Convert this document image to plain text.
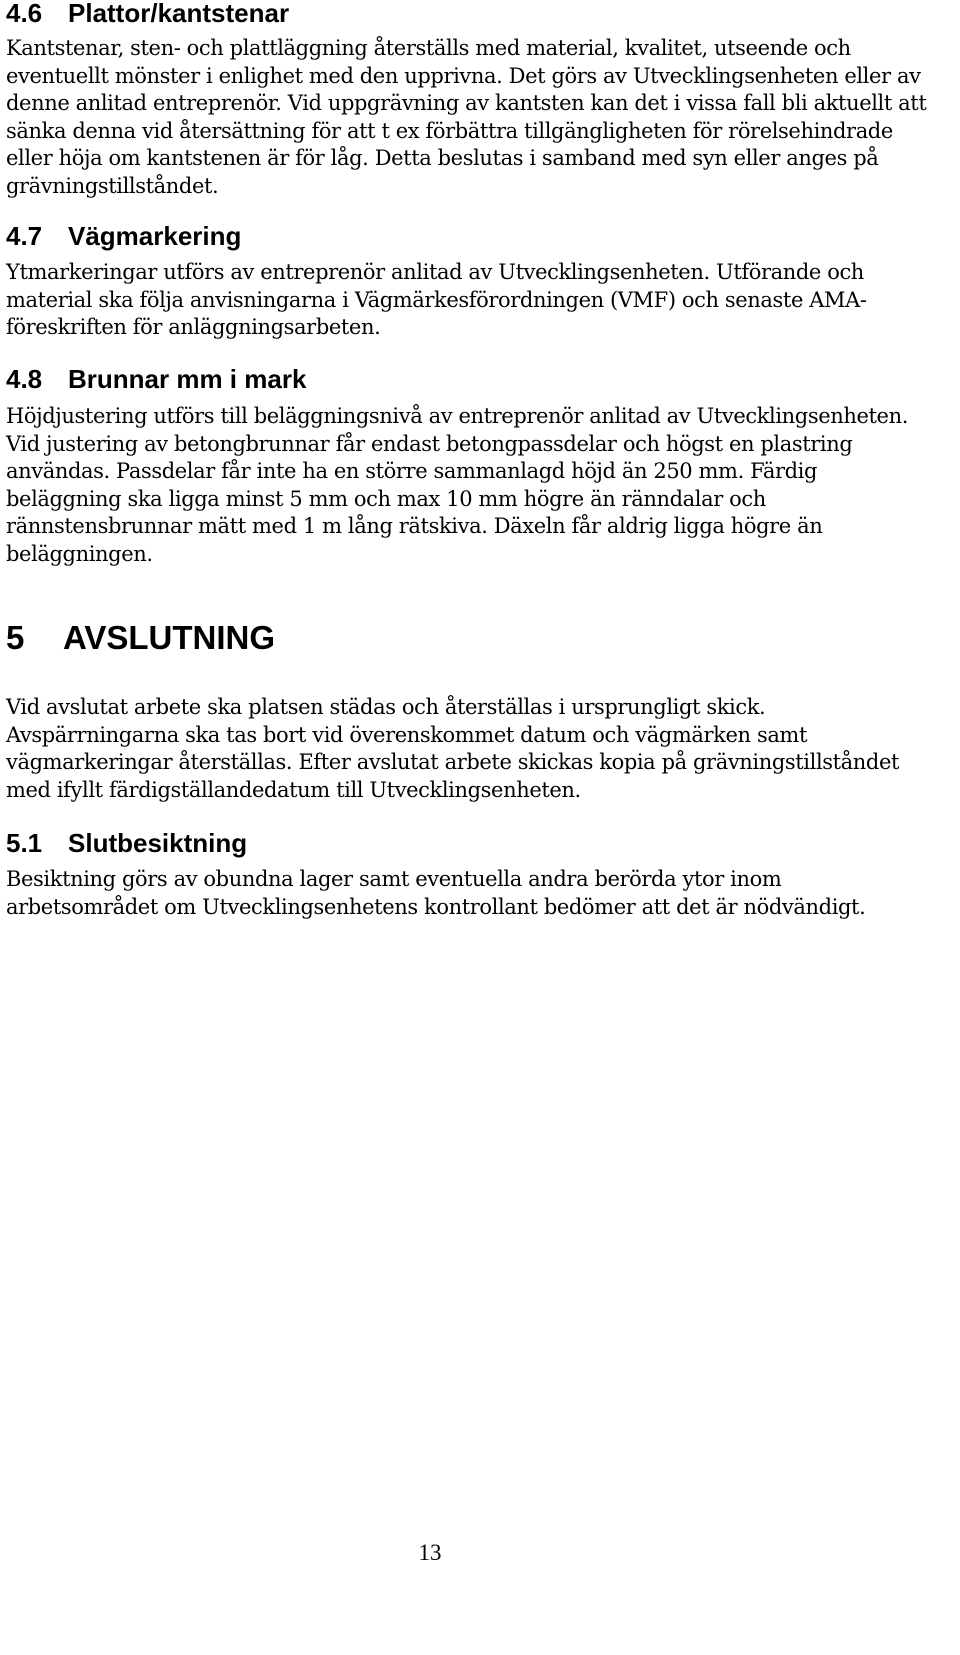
4.6 Plattor/kantstenar

Kantstenar, sten- och plattläggning återställs med material, kvalitet, utseende och eventuellt mönster i enlighet med den upprivna. Det görs av Utvecklingsenheten eller av denne anlitad entreprenör. Vid uppgrävning av kantsten kan det i vissa fall bli aktuellt att sänka denna vid återsättning för att t ex förbättra tillgängligheten för rörelsehindrade eller höja om kantstenen är för låg. Detta beslutas i samband med syn eller anges på grävningstillståndet.

4.7 Vägmarkering

Ytmarkeringar utförs av entreprenör anlitad av Utvecklingsenheten. Utförande och material ska följa anvisningarna i Vägmärkesförordningen (VMF) och senaste AMA-föreskriften för anläggningsarbeten.

4.8 Brunnar mm i mark

Höjdjustering utförs till beläggningsnivå av entreprenör anlitad av Utvecklingsenheten. Vid justering av betongbrunnar får endast betongpassdelar och högst en plastring användas. Passdelar får inte ha en större sammanlagd höjd än 250 mm. Färdig beläggning ska ligga minst 5 mm och max 10 mm högre än ränndalar och rännstensbrunnar mätt med 1 m lång rätskiva. Däxeln får aldrig ligga högre än beläggningen.

5	AVSLUTNING

Vid avslutat arbete ska platsen städas och återställas i ursprungligt skick. Avspärrningarna ska tas bort vid överenskommet datum och vägmärken samt vägmarkeringar återställas. Efter avslutat arbete skickas kopia på grävningstillståndet med ifyllt färdigställandedatum till Utvecklingsenheten.

5.1 Slutbesiktning

Besiktning görs av obundna lager samt eventuella andra berörda ytor inom arbetsområdet om Utvecklingsenhetens kontrollant bedömer att det är nödvändigt.

13
